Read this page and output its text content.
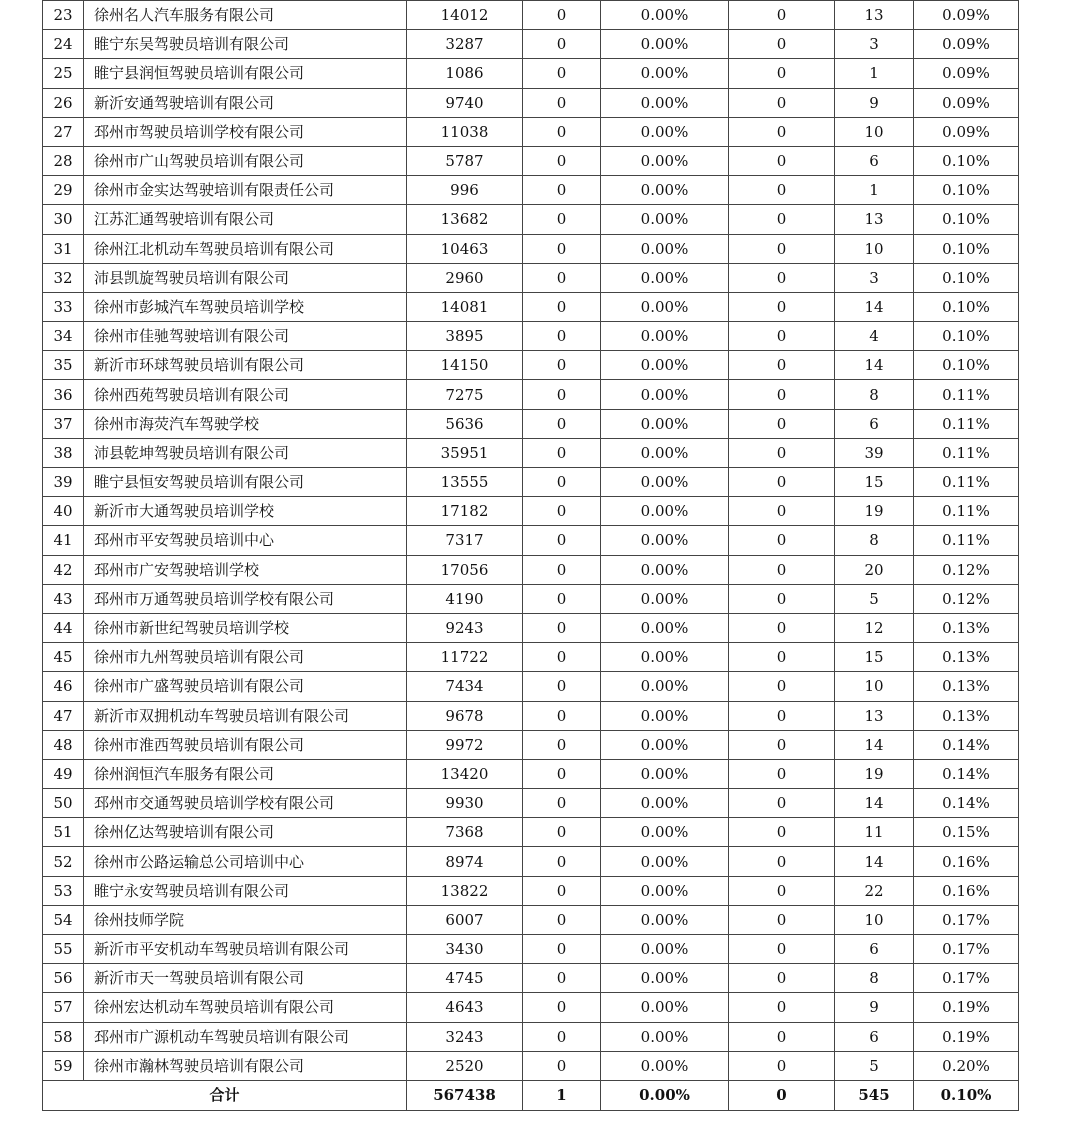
23	徐州名人汽车服务有限公司	14012	0	0.00%	0	13	0.09%
24	睢宁东吴驾驶员培训有限公司	3287	0	0.00%	0	3	0.09%
25	睢宁县润恒驾驶员培训有限公司	1086	0	0.00%	0	1	0.09%
26	新沂安通驾驶培训有限公司	9740	0	0.00%	0	9	0.09%
27	邳州市驾驶员培训学校有限公司	11038	0	0.00%	0	10	0.09%
28	徐州市广山驾驶员培训有限公司	5787	0	0.00%	0	6	0.10%
29	徐州市金实达驾驶培训有限责任公司	996	0	0.00%	0	1	0.10%
30	江苏汇通驾驶培训有限公司	13682	0	0.00%	0	13	0.10%
31	徐州江北机动车驾驶员培训有限公司	10463	0	0.00%	0	10	0.10%
32	沛县凯旋驾驶员培训有限公司	2960	0	0.00%	0	3	0.10%
33	徐州市彭城汽车驾驶员培训学校	14081	0	0.00%	0	14	0.10%
34	徐州市佳驰驾驶培训有限公司	3895	0	0.00%	0	4	0.10%
35	新沂市环球驾驶员培训有限公司	14150	0	0.00%	0	14	0.10%
36	徐州西苑驾驶员培训有限公司	7275	0	0.00%	0	8	0.11%
37	徐州市海荧汽车驾驶学校	5636	0	0.00%	0	6	0.11%
38	沛县乾坤驾驶员培训有限公司	35951	0	0.00%	0	39	0.11%
39	睢宁县恒安驾驶员培训有限公司	13555	0	0.00%	0	15	0.11%
40	新沂市大通驾驶员培训学校	17182	0	0.00%	0	19	0.11%
41	邳州市平安驾驶员培训中心	7317	0	0.00%	0	8	0.11%
42	邳州市广安驾驶培训学校	17056	0	0.00%	0	20	0.12%
43	邳州市万通驾驶员培训学校有限公司	4190	0	0.00%	0	5	0.12%
44	徐州市新世纪驾驶员培训学校	9243	0	0.00%	0	12	0.13%
45	徐州市九州驾驶员培训有限公司	11722	0	0.00%	0	15	0.13%
46	徐州市广盛驾驶员培训有限公司	7434	0	0.00%	0	10	0.13%
47	新沂市双拥机动车驾驶员培训有限公司	9678	0	0.00%	0	13	0.13%
48	徐州市淮西驾驶员培训有限公司	9972	0	0.00%	0	14	0.14%
49	徐州润恒汽车服务有限公司	13420	0	0.00%	0	19	0.14%
50	邳州市交通驾驶员培训学校有限公司	9930	0	0.00%	0	14	0.14%
51	徐州亿达驾驶培训有限公司	7368	0	0.00%	0	11	0.15%
52	徐州市公路运输总公司培训中心	8974	0	0.00%	0	14	0.16%
53	睢宁永安驾驶员培训有限公司	13822	0	0.00%	0	22	0.16%
54	徐州技师学院	6007	0	0.00%	0	10	0.17%
55	新沂市平安机动车驾驶员培训有限公司	3430	0	0.00%	0	6	0.17%
56	新沂市天一驾驶员培训有限公司	4745	0	0.00%	0	8	0.17%
57	徐州宏达机动车驾驶员培训有限公司	4643	0	0.00%	0	9	0.19%
58	邳州市广源机动车驾驶员培训有限公司	3243	0	0.00%	0	6	0.19%
59	徐州市瀚林驾驶员培训有限公司	2520	0	0.00%	0	5	0.20%
合计		567438	1	0.00%	0	545	0.10%
